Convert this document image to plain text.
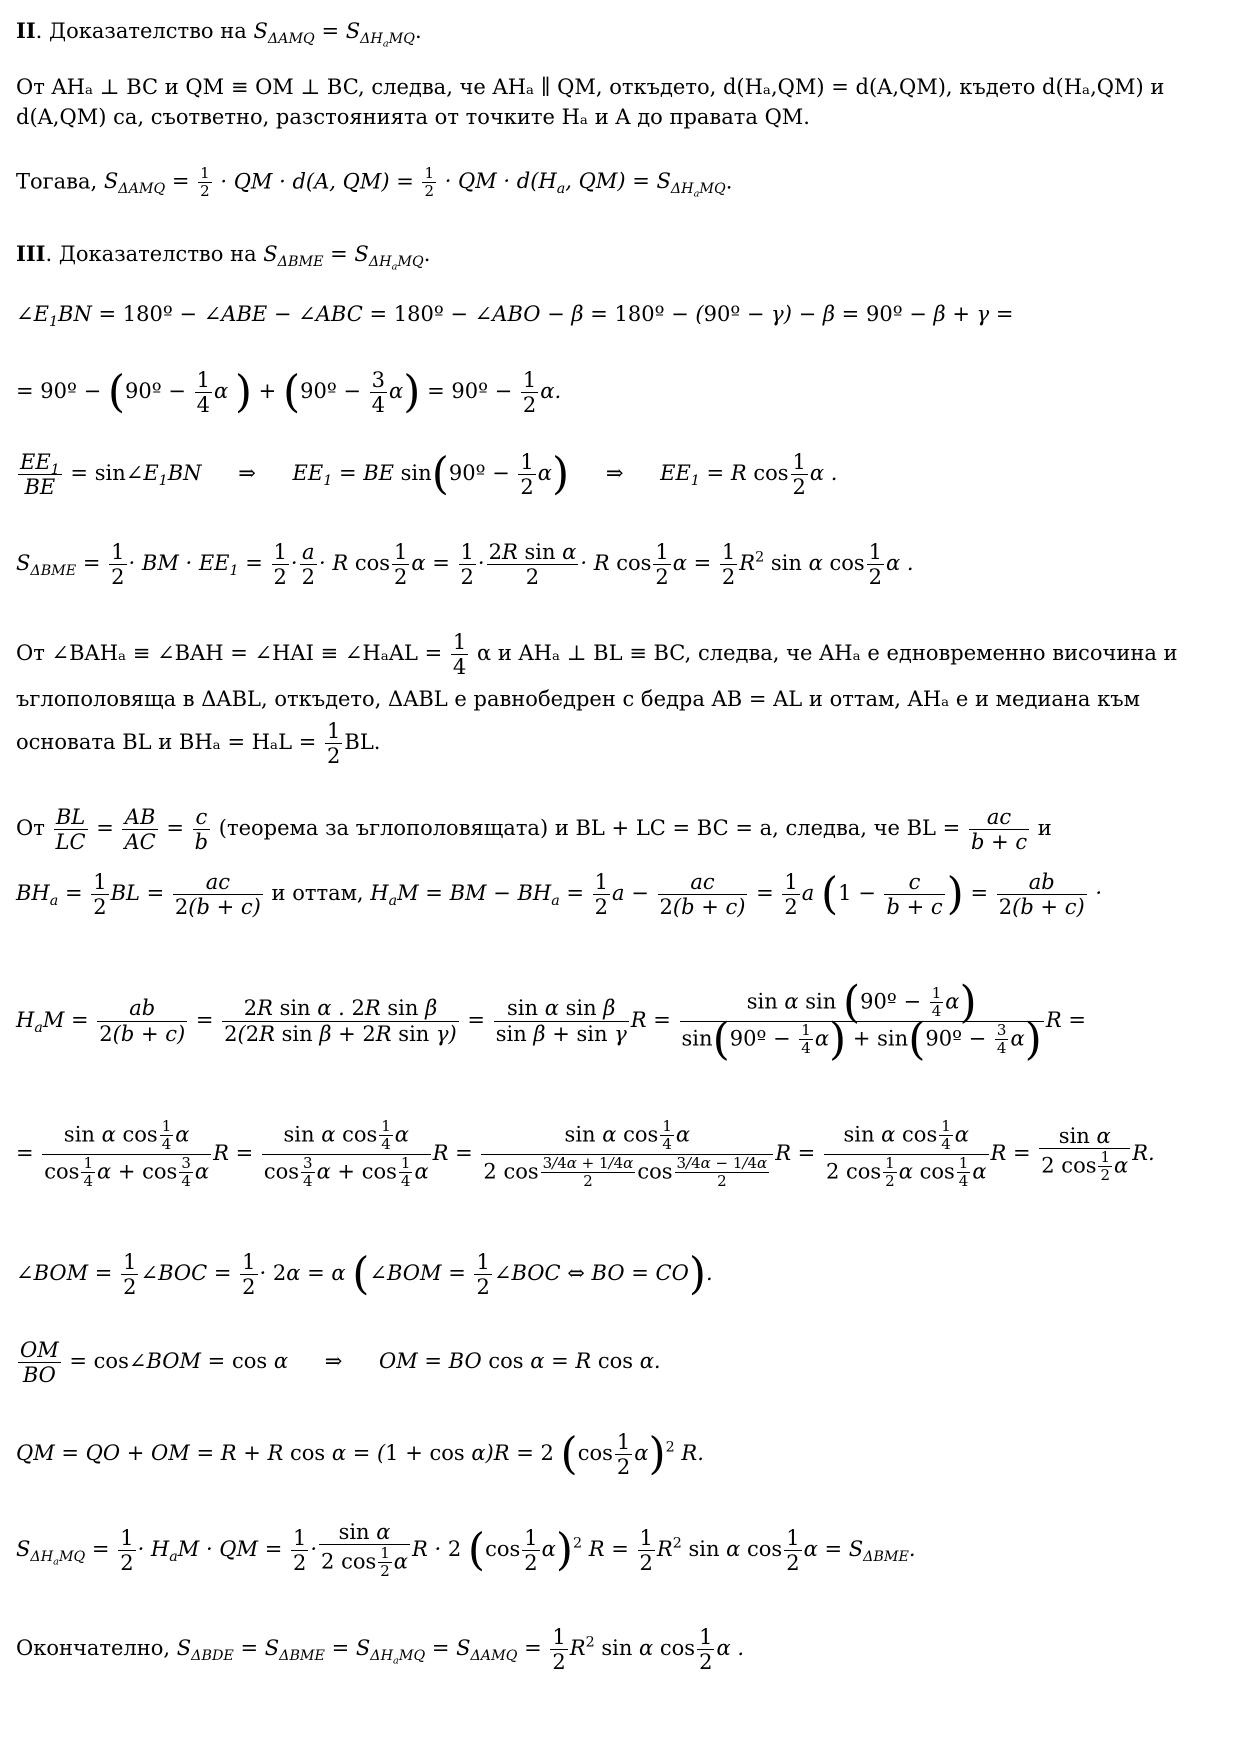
II. Доказателство на $S_{\Delta AMQ} = S_{\Delta H_aMQ}$.
От AHₐ ⊥ BC и QM ≡ OM ⊥ BC, следва, че AHₐ ∥ QM, откъдето, d(Hₐ,QM) = d(A,QM), където d(Hₐ,QM) и d(A,QM) са, съответно, разстоянията от точките Hₐ и A до правата QM.
Тогава, $S_{\Delta AMQ} = \frac{1}{2}$ · QM · d(A, $QM) = \frac{1}{2}$ · QM · $d(H_a$, $QM) = S_{\Delta H_aMQ}$.
III. Доказателство на $S_{\Delta BME} = S_{\Delta H_aMQ}$.
$\angle E_1BN$ = 180º − ∠ABE − ∠ABC = 180º − ∠ABO − β = 180º − (90º − γ) − β = 90º − β + γ =
= 90º − (90º − $\frac{1}{4}$ α ) + (90º − $\frac{3}{4} \alpha$) = 90º − $\frac{1}{2} \alpha$.
$\frac{EE_1}{BE}$ = $\sin\angle E_1BN$ ⇒ $EE_1$ = BE sin(90º − $\frac{1}{2} \alpha$) ⇒ $EE_1 = R$ $\cos \frac{1}{2}$ α .
$S_{\Delta BME} = \frac{1}{2}$ · BM · $EE_1 = \frac{1}{2} \cdot \frac{a}{2} \cdot R$ $\cos \frac{1}{2}$ $\alpha = \frac{1}{2} \cdot \frac{\text{2R sin α}}{2} \cdot R$ $\cos \frac{1}{2}$ $\alpha = \frac{1}{2} R^2$ sin α $\cos \frac{1}{2}$ α .
От ∠BAHₐ ≡ ∠BAH = ∠HAI ≡ ∠HₐAL = $\frac{1}{4}$ α и AHₐ ⊥ BL ≡ BC, следва, че AHₐ е едновременно височина и ъглополовяща в ΔABL, откъдето, ΔABL е равнобедрен с бедра AB = AL и оттам, AHₐ е и медиана към основата BL и $BH_a = H_aL = \frac{1}{2}$ BL.
От $\frac{BL}{LC} = \frac{AB}{AC} = \frac{c}{b}$ (теорема за ъглополовящата) и BL + LC = BC = a, следва, че BL = $\frac{ac}{b + c}$ и
$BH_a = \frac{1}{2}$ BL = $\frac{ac}{2(b + c)}$ и оттам, $H_aM$ = BM − $BH_a = \frac{1}{2}$ $a - \frac{ac}{2(b + c)} = \frac{1}{2}$ a ($1 - \frac{c}{b + c}$ ) = $\frac{ab}{2(b + c)}$ ·
$H_aM = \frac{ab}{2(b + c)} = \frac{\text{2R sin α . 2R sin β}}{\text{2(2R sin β + 2R sin γ)}} = \frac{\text{sin α sin β}}{\text{sin β + sin γ}}$ $R = \frac{\sin \alpha \sin (90º - \frac{1}{4} \alpha)}{\sin(90º - \frac{1}{4} \alpha) + \sin(90º - \frac{3}{4} \alpha)}$ R =
= $\frac{\sin \alpha \cos \frac{1}{4} \alpha}{\cos \frac{1}{4} \alpha + \cos \frac{3}{4} \alpha}$ $R = \frac{\sin \alpha \cos \frac{1}{4} \alpha}{\cos \frac{3}{4} \alpha + \cos \frac{1}{4} \alpha}$ $R = \frac{\sin \alpha \cos \frac{1}{4} \alpha}{2 \cos \frac{3/4\alpha + 1/4\alpha}{2} \cos \frac{3/4\alpha - 1/4\alpha}{2}}$ $R = \frac{\sin \alpha \cos \frac{1}{4} \alpha}{2 \cos \frac{1}{2} \alpha \cos \frac{1}{4} \alpha}$ $R = \frac{\text{sin α}}{2 \cos \frac{1}{2} \alpha} R$.
∠BOM = $\frac{1}{2}$ ∠BOC = $\frac{1}{2} \cdot 2\alpha = \alpha$ (∠BOM = $\frac{1}{2}$ ∠BOC ⇔ BO = CO).
$\frac{OM}{BO}$ = cos∠BOM = cos α ⇒ OM = BO cos α = R cos α.
QM = QO + OM = R + R cos α = (1 + cos α)R = 2 $(\cos \frac{1}{2} \alpha)^2$ R.
$S_{\Delta H_aMQ} = \frac{1}{2} \cdot H_aM$ · QM = $\frac{1}{2} \cdot \frac{\text{sin α}}{2 \cos \frac{1}{2} \alpha}$ R · 2 $(\cos \frac{1}{2} \alpha)^2$ $R = \frac{1}{2} R^2$ sin α $\cos \frac{1}{2}$ $\alpha = S_{\Delta BME}$.
Окончателно, $S_{\Delta BDE} = S_{\Delta BME} = S_{\Delta H_aMQ} = S_{\Delta AMQ} = \frac{1}{2} R^2$ sin α $\cos \frac{1}{2}$ α .
